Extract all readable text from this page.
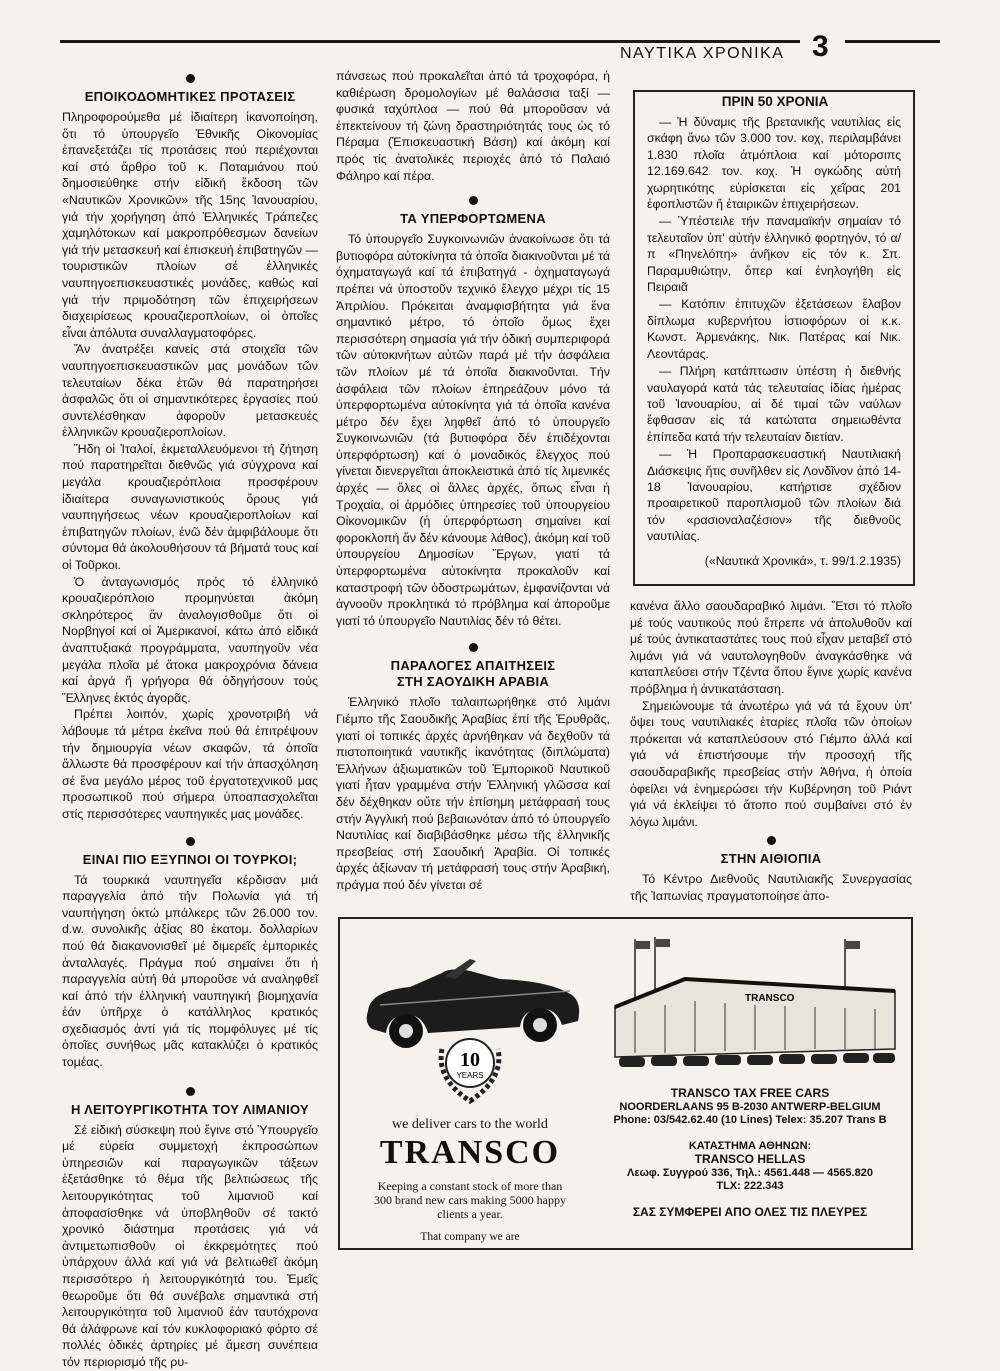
ΝΑΥΤΙΚΑ ΧΡΟΝΙΚΑ 3
ΕΠΟΙΚΟΔΟΜΗΤΙΚΕΣ ΠΡΟΤΑΣΕΙΣ

Πληροφορούμεθα μέ ἰδιαίτερη ἱκανοποίηση, ὅτι τό ὑπουργεῖο Ἐθνικῆς Οἰκονομίας ἐπανεξετάζει τίς προτάσεις πού περιέχονται καί στό ἄρθρο τοῦ κ. Ποταμιάνου πού δημοσιεύθηκε στήν εἰδική ἔκδοση τῶν «Ναυτικῶν Χρονικῶν» τῆς 15ης Ἰανουαρίου, γιά τήν χορήγηση ἀπό Ἑλληνικές Τράπεζες χαμηλότοκων καί μακροπρόθεσμων δανείων γιά τήν μετασκευή καί ἐπισκευή ἐπιβατηγῶν — τουριστικῶν πλοίων σέ ἑλληνικές ναυπηγοεπισκευαστικές μονάδες, καθώς καί γιά τήν πριμοδότηση τῶν ἐπιχειρήσεων διαχειρίσεως κρουαζιεροπλοίων, οἱ ὁποῖες εἶναι ἀπόλυτα συναλλαγματοφόρες.

Ἄν ἀνατρέξει κανείς στά στοιχεῖα τῶν ναυπηγοεπισκευαστικῶν μας μονάδων τῶν τελευταίων δέκα ἐτῶν θά παρατηρήσει ἀσφαλῶς ὅτι οἱ σημαντικότερες ἐργασίες πού συντελέσθηκαν ἀφοροῦν μετασκευές ἑλληνικῶν κρουαζιεροπλοίων.

Ἤδη οἱ Ἰταλοί, ἐκμεταλλευόμενοι τή ζήτηση πού παρατηρεῖται διεθνῶς γιά σύγχρονα καί μεγάλα κρουαζιερόπλοια προσφέρουν ἰδιαίτερα συναγωνιστικούς ὅρους γιά ναυπηγήσεως νέων κρουαζιεροπλοίων καί ἐπιβατηγῶν πλοίων, ἐνῶ δέν ἀμφιβάλουμε ὅτι σύντομα θά ἀκολουθήσουν τά βήματά τους καί οἱ Τοῦρκοι.

Ὁ ἀνταγωνισμός πρός τό ἑλληνικό κρουαζιερόπλοιο προμηνύεται ἀκόμη σκληρότερος ἄν ἀναλογισθοῦμε ὅτι οἱ Νορβηγοί καί οἱ Ἀμερικανοί, κάτω ἀπό εἰδικά ἀναπτυξιακά προγράμματα, ναυπηγοῦν νέα μεγάλα πλοῖα μέ ἄτοκα μακροχρόνια δάνεια καί ἀργά ἤ γρήγορα θά ὁδηγήσουν τούς Ἕλληνες ἐκτός ἀγορᾶς.

Πρέπει λοιπόν, χωρίς χρονοτριβή νά λάβουμε τά μέτρα ἐκεῖνα πού θά ἐπιτρέψουν τήν δημιουργία νέων σκαφῶν, τά ὁποῖα ἄλλωστε θά προσφέρουν καί τήν ἀπασχόληση σέ ἕνα μεγάλο μέρος τοῦ ἐργατοτεχνικοῦ μας προσωπικοῦ πού σήμερα ὑποαπασχολεῖται στίς περισσότερες ναυπηγικές μας μονάδες.

ΕΙΝΑΙ ΠΙΟ ΕΞΥΠΝΟΙ ΟΙ ΤΟΥΡΚΟΙ;

Τά τουρκικά ναυπηγεῖα κέρδισαν μιά παραγγελία ἀπό τήν Πολωνία γιά τή ναυπήγηση ὀκτώ μπάλκερς τῶν 26.000 τον. d.w. συνολικῆς ἀξίας 80 ἑκατομ. δολλαρίων πού θά διακανονισθεῖ μέ διμερεῖς ἐμπορικές ἀνταλλαγές. Πράγμα πού σημαίνει ὅτι ἡ παραγγελία αὐτή θά μποροῦσε νά αναληφθεῖ καί ἀπό τήν ἑλληνική ναυπηγική βιομηχανία ἐάν ὑπῆρχε ὁ κατάλληλος κρατικός σχεδιασμός ἀντί γιά τίς πομφόλυγες μέ τίς ὁποῖες συνήθως μᾶς κατακλύζει ὁ κρατικός τομέας.

Η ΛΕΙΤΟΥΡΓΙΚΟΤΗΤΑ ΤΟΥ ΛΙΜΑΝΙΟΥ

Σέ εἰδική σύσκεψη πού ἔγινε στό Ὑπουργεῖο μέ εὐρεία συμμετοχή ἐκπροσώπων ὑπηρεσιῶν καί παραγωγικῶν τάξεων ἐξετάσθηκε τό θέμα τῆς βελτιώσεως τῆς λειτουργικότητας τοῦ λιμανιοῦ καί ἀποφασίσθηκε νά ὑποβληθοῦν σέ τακτό χρονικό διάστημα προτάσεις γιά νά ἀντιμετωπισθοῦν οἱ ἐκκρεμότητες πού ὑπάρχουν ἀλλά καί γιά νά βελτιωθεῖ ἀκόμη περισσότερο ἡ λειτουργικότητά του. Ἐμεῖς θεωροῦμε ὅτι θά συνέβαλε σημαντικά στή λειτουργικότητα τοῦ λιμανιοῦ ἐάν ταυτόχρονα θά ἀλάφρωνε καί τόν κυκλοφοριακό φόρτο σέ πολλές ὁδικές ἀρτηρίες μέ ἄμεση συνέπεια τόν περιορισμό τῆς ρυ-

πάνσεως πού προκαλεῖται ἀπό τά τροχοφόρα, ἡ καθιέρωση δρομολογίων μέ θαλάσσια ταξί — φυσικά ταχύπλοα — πού θά μποροῦσαν νά ἐπεκτείνουν τή ζώνη δραστηριότητάς τους ὡς τό Πέραμα (Ἐπισκευαστική Βάση) καί ἀκόμη καί πρός τίς ἀνατολικές περιοχές ἀπό τό Παλαιό Φάληρο καί πέρα.

ΤΑ ΥΠΕΡΦΟΡΤΩΜΕΝΑ

Τό ὑπουργεῖο Συγκοινωνιῶν ἀνακοίνωσε ὅτι τά βυτιοφόρα αὐτοκίνητα τά ὁποῖα διακινοῦνται μέ τά ὀχηματαγωγά καί τά ἐπιβατηγά - ὀχηματαγωγά πρέπει νά ὑποστοῦν τεχνικό ἔλεγχο μέχρι τίς 15 Ἀπριλίου. Πρόκειται ἀναμφισβήτητα γιά ἕνα σημαντικό μέτρο, τό ὁποῖο ὅμως ἔχει περισσότερη σημασία γιά τήν ὁδική συμπεριφορά τῶν αὐτοκινήτων αὐτῶν παρά μέ τήν ἀσφάλεια τῶν πλοίων μέ τά ὁποῖα διακινοῦνται. Τήν ἀσφάλεια τῶν πλοίων ἐπηρεάζουν μόνο τά ὑπερφορτωμένα αὐτοκίνητα γιά τά ὁποῖα κανένα μέτρο δέν ἔχει ληφθεῖ ἀπό τό ὑπουργεῖο Συγκοινωνιῶν (τά βυτιοφόρα δέν ἐπιδέχονται ὑπερφόρτωση) καί ὁ μοναδικός ἔλεγχος πού γίνεται διενεργεῖται ἀποκλειστικά ἀπό τίς λιμενικές ἀρχές — ὅλες οἱ ἄλλες ἀρχές, ὅπως εἶναι ἡ Τροχαία, οἱ ἁρμόδιες ὑπηρεσίες τοῦ ὑπουργείου Οἰκονομικῶν (ἡ ὑπερφόρτωση σημαίνει καί φοροκλοπή ἄν δέν κάνουμε λάθος), ἀκόμη καί τοῦ ὑπουργείου Δημοσίων Ἔργων, γιατί τά ὑπερφορτωμένα αὐτοκίνητα προκαλοῦν καί καταστροφή τῶν ὁδοστρωμάτων, ἐμφανίζονται νά ἀγνοοῦν προκλητικά τό πρόβλημα καί ἀποροῦμε γιατί τό ὑπουργεῖο Ναυτιλίας δέν τό θέτει.

ΠΑΡΑΛΟΓΕΣ ΑΠΑΙΤΗΣΕΙΣ
ΣΤΗ ΣΑΟΥΔΙΚΗ ΑΡΑΒΙΑ

Ἑλληνικό πλοῖο ταλαιπωρήθηκε στό λιμάνι Γιέμπο τῆς Σαουδικῆς Ἀραβίας ἐπί τῆς Ἐρυθρᾶς, γιατί οἱ τοπικές ἀρχές ἀρνήθηκαν νά δεχθοῦν τά πιστοποιητικά ναυτικῆς ἱκανότητας (διπλώματα) Ἑλλήνων ἀξιωματικῶν τοῦ Ἐμπορικοῦ Ναυτικοῦ γιατί ἦταν γραμμένα στήν Ἑλληνική γλῶσσα καί δέν δέχθηκαν οὔτε τήν ἐπίσημη μετάφρασή τους στήν Ἀγγλική πού βεβαιωνόταν ἀπό τό ὑπουργεῖο Ναυτιλίας καί διαβιβάσθηκε μέσω τῆς ἑλληνικῆς πρεσβείας στή Σαουδική Ἀραβία. Οἱ τοπικές ἀρχές ἀξίωναν τή μετάφρασή τους στήν Ἀραβική, πράγμα πού δέν γίνεται σέ

— Ἡ δύναμις τῆς βρετανικῆς ναυτιλίας εἰς σκάφη ἄνω τῶν 3.000 τον. κοχ, περιλαμβάνει 1.830 πλοῖα ἀτμόπλοια καί μότορσιπς 12.169.642 τον. κοχ. Ἡ ογκώδης αὐτή χωρητικότης εὑρίσκεται εἰς χεῖρας 201 ἐφοπλιστῶν ἤ ἑταιρικῶν ἐπιχειρήσεων.

— Ὑπέστειλε τήν παναμαϊκήν σημαίαν τό τελευταῖον ὑπ' αὐτήν ἑλληνικό φορτηγόν, τό α/π «Πηνελόπη» ἀνῆκον εἰς τόν κ. Σπ. Παραμυθιώτην, ὅπερ καί ἐνηλογήθη εἰς Πειραιᾶ

— Κατόπιν ἐπιτυχῶν ἐξετάσεων ἔλαβον δίπλωμα κυβερνήτου ἱστιοφόρων οἱ κ.κ. Κωνστ. Ἀρμενάκης, Νικ. Πατέρας καί Νικ. Λεοντάρας.

— Πλήρη κατάπτωσιν ὑπέστη ἡ διεθνής ναυλαγορά κατά τάς τελευταίας ἰδίας ἡμέρας τοῦ Ἰανουαρίου, αἱ δέ τιμαί τῶν ναύλων ἔφθασαν εἰς τά κατώτατα σημειωθέντα ἐπίπεδα κατά τήν τελευταίαν διετίαν.

— Ἡ Προπαρασκευαστική Ναυτιλιακή Διάσκεψις ἥτις συνῆλθεν εἰς Λονδῖνον ἀπό 14-18 Ἰανουαρίου, κατήρτισε σχέδιον προαιρετικοῦ παροπλισμοῦ τῶν πλοίων διά τόν «ρασιοναλαζέσιον» τῆς διεθνοῦς ναυτιλίας.

(«Ναυτικά Χρονικά», τ. 99/1.2.1935)

ΠΡΙΝ 50 ΧΡΟΝΙΑ

κανένα ἄλλο σαουδαραβικό λιμάνι. Ἔτσι τό πλοῖο μέ τούς ναυτικούς πού ἔπρεπε νά ἀπολυθοῦν καί μέ τούς ἀντικαταστάτες τους πού εἶχαν μεταβεῖ στό λιμάνι γιά νά ναυτολογηθοῦν ἀναγκάσθηκε νά καταπλεύσει στήν Τζέντα ὅπου ἔγινε χωρίς κανένα πρόβλημα ἡ ἀντικατάσταση.

Σημειώνουμε τά ἀνωτέρω γιά νά τά ἔχουν ὑπ' ὄψει τους ναυτιλιακές ἑταρίες πλοῖα τῶν ὁποίων πρόκειται νά καταπλεύσουν στό Γιέμπο ἀλλά καί γιά νά ἐπιστήσουμε τήν προσοχή τῆς σαουδαραβικῆς πρεσβείας στήν Ἀθήνα, ἡ ὁποία ὀφείλει νά ἐνημερώσει τήν Κυβέρνηση τοῦ Ριάντ γιά νά ἐκλείψει τό ἄτοπο πού συμβαίνει στό ἐν λόγω λιμάνι.

ΣΤΗΝ ΑΙΘΙΟΠΙΑ

Τό Κέντρο Διεθνοῦς Ναυτιλιακῆς Συνεργασίας τῆς Ἰαπωνίας πραγματοποίησε ἀπο-

10
YEARS
we deliver cars to the world
TRANSCO
Keeping a constant stock of more than 300 brand new cars making 5000 happy clients a year.
That company we are
TRANSCO
TRANSCO TAX FREE CARS
NOORDERLAANS 95 B-2030 ANTWERP-BELGIUM
Phone: 03/542.62.40 (10 Lines) Telex: 35.207 Trans B
ΚΑΤΑΣΤΗΜΑ ΑΘΗΝΩΝ:
TRANSCO HELLAS
Λεωφ. Συγγρού 336, Τηλ.: 4561.448 — 4565.820
TLX: 222.343
ΣΑΣ ΣΥΜΦΕΡΕΙ ΑΠΟ ΟΛΕΣ ΤΙΣ ΠΛΕΥΡΕΣ
